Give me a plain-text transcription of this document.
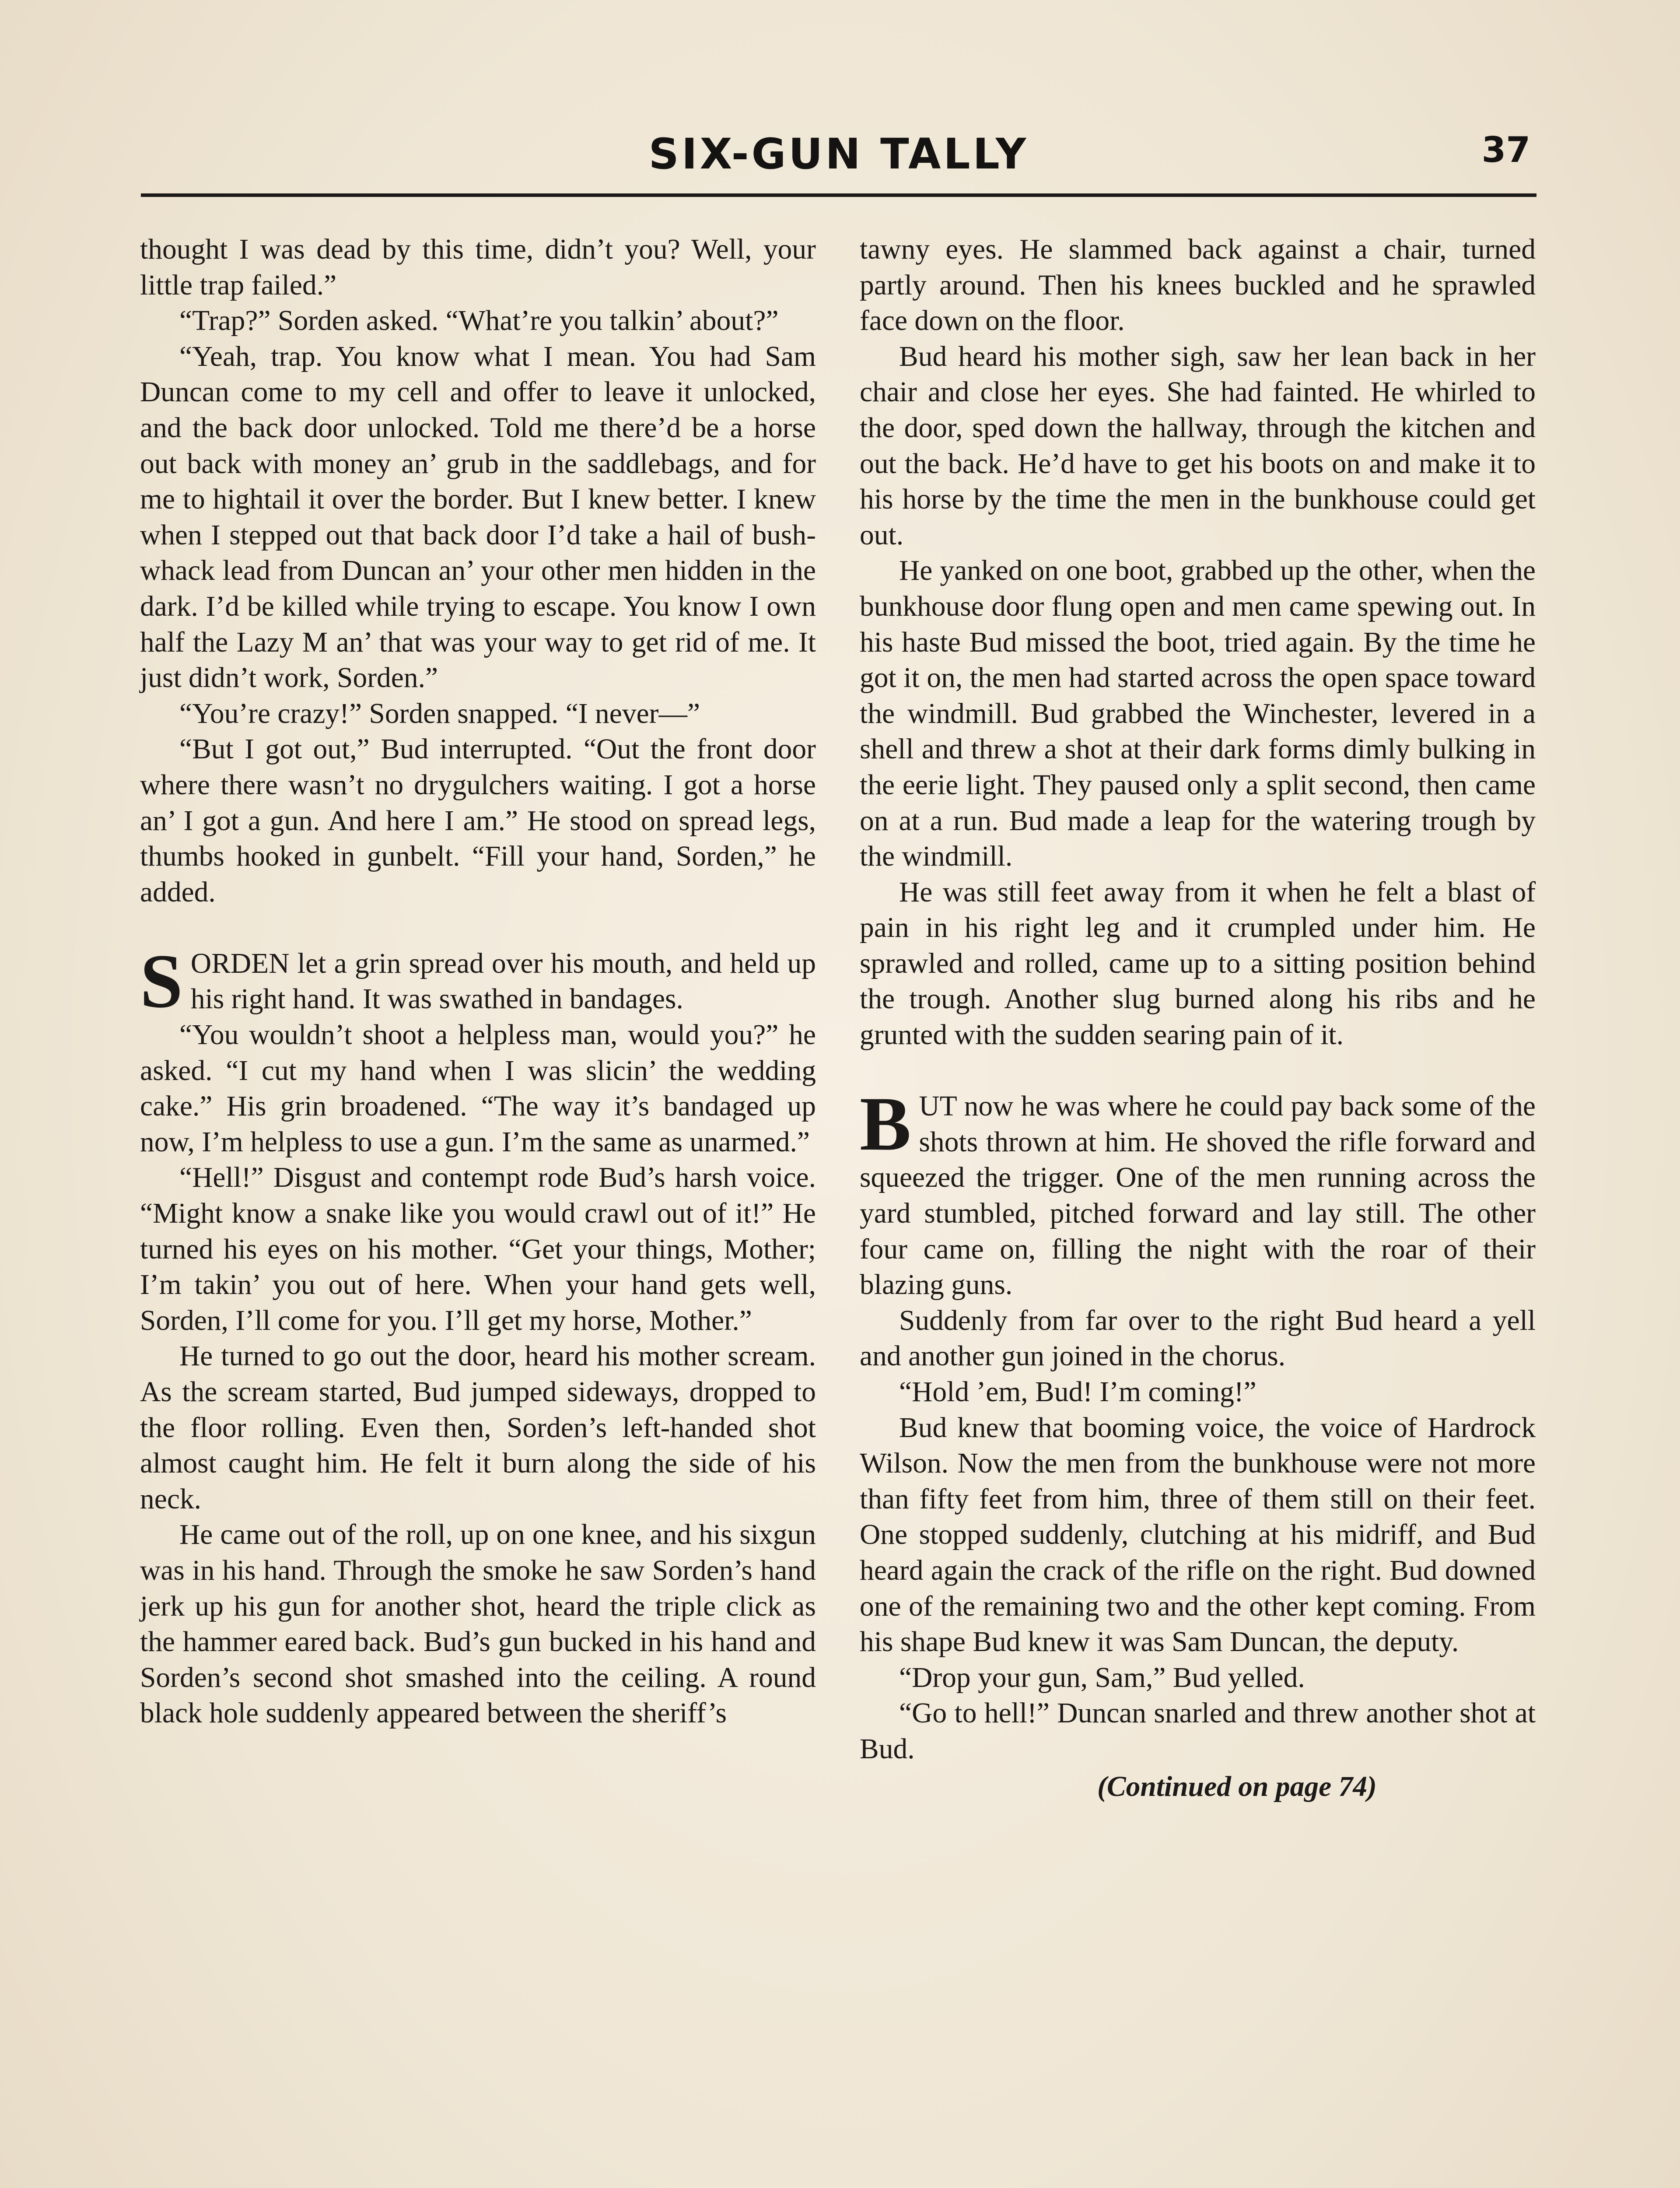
SIX-GUN TALLY	37

thought I was dead by this time, didn’t you? Well, your little trap failed.”

“Trap?” Sorden asked. “What’re you talkin’ about?”

“Yeah, trap. You know what I mean. You had Sam Duncan come to my cell and offer to leave it unlocked, and the back door unlocked. Told me there’d be a horse out back with money an’ grub in the saddlebags, and for me to hightail it over the border. But I knew better. I knew when I stepped out that back door I’d take a hail of bushwhack lead from Duncan an’ your other men hidden in the dark. I’d be killed while trying to escape. You know I own half the Lazy M an’ that was your way to get rid of me. It just didn’t work, Sorden.”

“You’re crazy!” Sorden snapped. “I never—”

“But I got out,” Bud interrupted. “Out the front door where there wasn’t no drygulchers waiting. I got a horse an’ I got a gun. And here I am.” He stood on spread legs, thumbs hooked in gunbelt. “Fill your hand, Sorden,” he added.

SORDEN let a grin spread over his mouth, and held up his right hand. It was swathed in bandages.

“You wouldn’t shoot a helpless man, would you?” he asked. “I cut my hand when I was slicin’ the wedding cake.” His grin broadened. “The way it’s bandaged up now, I’m helpless to use a gun. I’m the same as unarmed.”

“Hell!” Disgust and contempt rode Bud’s harsh voice. “Might know a snake like you would crawl out of it!” He turned his eyes on his mother. “Get your things, Mother; I’m takin’ you out of here. When your hand gets well, Sorden, I’ll come for you. I’ll get my horse, Mother.”

He turned to go out the door, heard his mother scream. As the scream started, Bud jumped sideways, dropped to the floor rolling. Even then, Sorden’s left-handed shot almost caught him. He felt it burn along the side of his neck.

He came out of the roll, up on one knee, and his sixgun was in his hand. Through the smoke he saw Sorden’s hand jerk up his gun for another shot, heard the triple click as the hammer eared back. Bud’s gun bucked in his hand and Sorden’s second shot smashed into the ceiling. A round black hole suddenly appeared between the sheriff’s

tawny eyes. He slammed back against a chair, turned partly around. Then his knees buckled and he sprawled face down on the floor.

Bud heard his mother sigh, saw her lean back in her chair and close her eyes. She had fainted. He whirled to the door, sped down the hallway, through the kitchen and out the back. He’d have to get his boots on and make it to his horse by the time the men in the bunkhouse could get out.

He yanked on one boot, grabbed up the other, when the bunkhouse door flung open and men came spewing out. In his haste Bud missed the boot, tried again. By the time he got it on, the men had started across the open space toward the windmill. Bud grabbed the Winchester, levered in a shell and threw a shot at their dark forms dimly bulking in the eerie light. They paused only a split second, then came on at a run. Bud made a leap for the watering trough by the windmill.

He was still feet away from it when he felt a blast of pain in his right leg and it crumpled under him. He sprawled and rolled, came up to a sitting position behind the trough. Another slug burned along his ribs and he grunted with the sudden searing pain of it.

BUT now he was where he could pay back some of the shots thrown at him. He shoved the rifle forward and squeezed the trigger. One of the men running across the yard stumbled, pitched forward and lay still. The other four came on, filling the night with the roar of their blazing guns.

Suddenly from far over to the right Bud heard a yell and another gun joined in the chorus.

“Hold ’em, Bud! I’m coming!”

Bud knew that booming voice, the voice of Hardrock Wilson. Now the men from the bunkhouse were not more than fifty feet from him, three of them still on their feet. One stopped suddenly, clutching at his midriff, and Bud heard again the crack of the rifle on the right. Bud downed one of the remaining two and the other kept coming. From his shape Bud knew it was Sam Duncan, the deputy.

“Drop your gun, Sam,” Bud yelled.

“Go to hell!” Duncan snarled and threw another shot at Bud.

(Continued on page 74)
